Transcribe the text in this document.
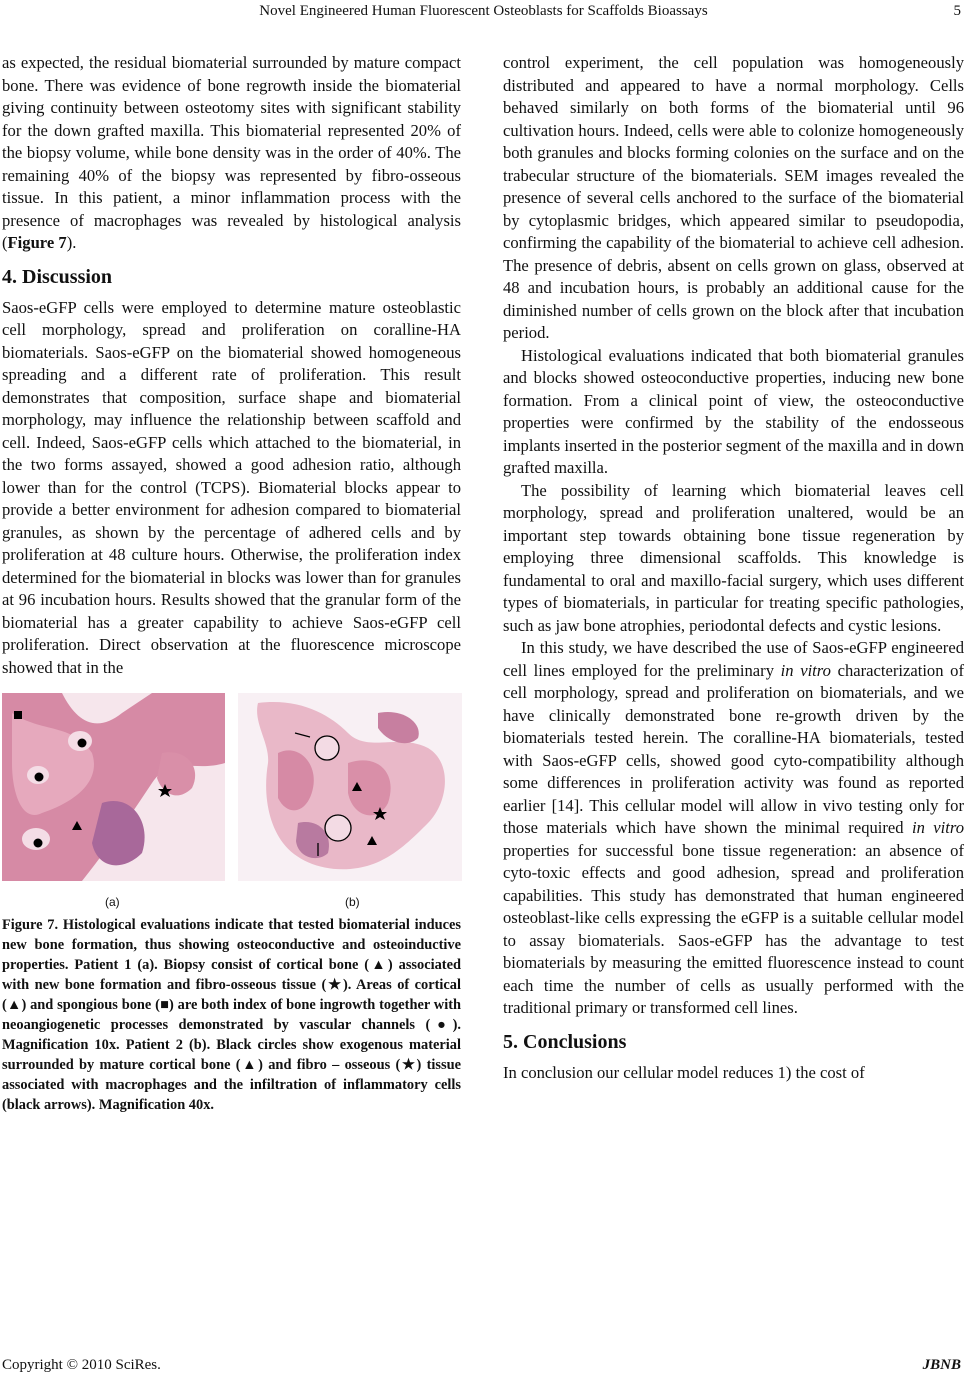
Novel Engineered Human Fluorescent Osteoblasts for Scaffolds Bioassays	5

as expected, the residual biomaterial surrounded by mature compact bone. There was evidence of bone regrowth inside the biomaterial giving continuity between osteotomy sites with significant stability for the down grafted maxilla. This biomaterial represented 20% of the biopsy volume, while bone density was in the order of 40%. The remaining 40% of the biopsy was represented by fibro-osseous tissue. In this patient, a minor inflammation process with the presence of macrophages was revealed by histological analysis (Figure 7).

4. Discussion

Saos-eGFP cells were employed to determine mature osteoblastic cell morphology, spread and proliferation on coralline-HA biomaterials. Saos-eGFP on the biomaterial showed homogeneous spreading and a different rate of proliferation. This result demonstrates that composition, surface shape and biomaterial morphology, may influence the relationship between scaffold and cell. Indeed, Saos-eGFP cells which attached to the biomaterial, in the two forms assayed, showed a good adhesion ratio, although lower than for the control (TCPS). Biomaterial blocks appear to provide a better environment for adhesion compared to biomaterial granules, as shown by the percentage of adhered cells and by proliferation at 48 culture hours. Otherwise, the proliferation index determined for the biomaterial in blocks was lower than for granules at 96 incubation hours. Results showed that the granular form of the biomaterial has a greater capability to achieve Saos-eGFP cell proliferation. Direct observation at the fluorescence microscope showed that in the

(a)	(b)
Figure 7. Histological evaluations indicate that tested biomaterial induces new bone formation, thus showing osteoconductive and osteoinductive properties. Patient 1 (a). Biopsy consist of cortical bone (▲) associated with new bone formation and fibro-osseous tissue (★). Areas of cortical (▲) and spongious bone (■) are both index of bone ingrowth together with neoangiogenetic processes demonstrated by vascular channels (●). Magnification 10x. Patient 2 (b). Black circles show exogenous material surrounded by mature cortical bone (▲) and fibro – osseous (★) tissue associated with macrophages and the infiltration of inflammatory cells (black arrows). Magnification 40x.

control experiment, the cell population was homogeneously distributed and appeared to have a normal morphology. Cells behaved similarly on both forms of the biomaterial until 96 cultivation hours. Indeed, cells were able to colonize homogeneously both granules and blocks forming colonies on the surface and on the trabecular structure of the biomaterials. SEM images revealed the presence of several cells anchored to the surface of the biomaterial by cytoplasmic bridges, which appeared similar to pseudopodia, confirming the capability of the biomaterial to achieve cell adhesion. The presence of debris, absent on cells grown on glass, observed at 48 and incubation hours, is probably an additional cause for the diminished number of cells grown on the block after that incubation period.

Histological evaluations indicated that both biomaterial granules and blocks showed osteoconductive properties, inducing new bone formation. From a clinical point of view, the osteoconductive properties were confirmed by the stability of the endosseous implants inserted in the posterior segment of the maxilla and in down grafted maxilla.

The possibility of learning which biomaterial leaves cell morphology, spread and proliferation unaltered, would be an important step towards obtaining bone tissue regeneration by employing three dimensional scaffolds. This knowledge is fundamental to oral and maxillo-facial surgery, which uses different types of biomaterials, in particular for treating specific pathologies, such as jaw bone atrophies, periodontal defects and cystic lesions.

In this study, we have described the use of Saos-eGFP engineered cell lines employed for the preliminary in vitro characterization of cell morphology, spread and proliferation on biomaterials, and we have clinically demonstrated bone re-growth driven by the biomaterials tested herein. The coralline-HA biomaterials, tested with Saos-eGFP cells, showed good cyto-compatibility although some differences in proliferation activity was found as reported earlier [14]. This cellular model will allow in vivo testing only for those materials which have shown the minimal required in vitro properties for successful bone tissue regeneration: an absence of cyto-toxic effects and good adhesion, spread and proliferation capabilities. This study has demonstrated that human engineered osteoblast-like cells expressing the eGFP is a suitable cellular model to assay biomaterials. Saos-eGFP has the advantage to test biomaterials by measuring the emitted fluorescence instead to count each time the number of cells as usually performed with the traditional primary or transformed cell lines.

5. Conclusions

In conclusion our cellular model reduces 1) the cost of

Copyright © 2010 SciRes.	JBNB
